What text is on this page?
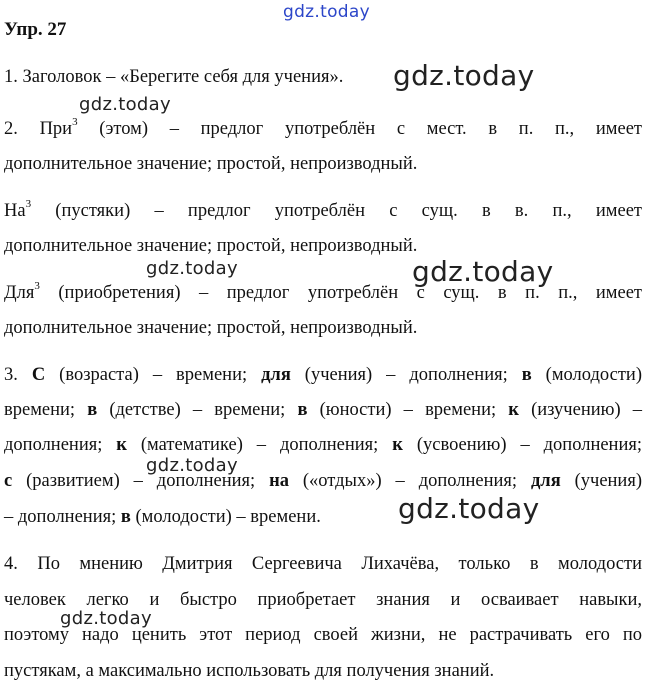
Упр. 27
1. Заголовок – «Берегите себя для учения».
2. При$^3$ (этом) – предлог употреблён с мест. в п. п., имеет
дополнительное значение; простой, непроизводный.
$На^3$ (пустяки) – предлог употреблён с сущ. в в. п., имеет
дополнительное значение; простой, непроизводный.
Для$^3$ (приобретения) – предлог употреблён с сущ. в п. п., имеет
дополнительное значение; простой, непроизводный.
3. С (возраста) – времени; для (учения) – дополнения; в (молодости)
времени; в (детстве) – времени; в (юности) – времени; к (изучению) –
дополнения; к (математике) – дополнения; к (усвоению) – дополнения;
с (развитием) – дополнения; на («отдых») – дополнения; для (учения)
– дополнения; в (молодости) – времени.
4. По мнению Дмитрия Сергеевича Лихачёва, только в молодости
человек легко и быстро приобретает знания и осваивает навыки,
поэтому надо ценить этот период своей жизни, не растрачивать его по
пустякам, а максимально использовать для получения знаний.
gdz.today
gdz.today
gdz.today
gdz.today	gdz.today
gdz.today
gdz.today
gdz.today
